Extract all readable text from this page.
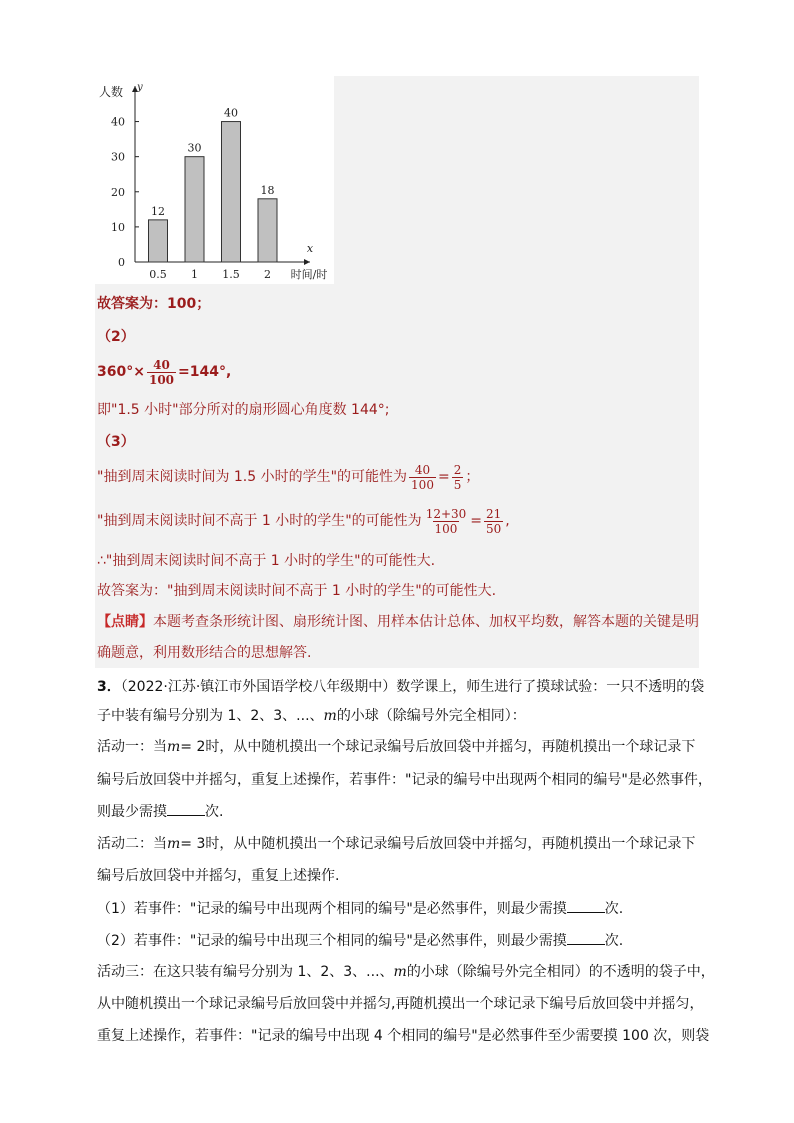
0
10
20
30
40
人数 y
x
时间/时
12
0.5
30
1
40
1.5
18
2
故答案为：100；
（2）
$360^\circ\times \frac{40}{100} =144^\circ$,
即"1.5 小时"部分所对的扇形圆心角度数 144°;
（3）
"抽到周末阅读时间为 1.5 小时的学生"的可能性为 $\frac{40}{100} = \frac{2}{5}$ ；
"抽到周末阅读时间不高于 1 小时的学生"的可能性为 $\frac{12+30}{100} = \frac{21}{50}$ ,
∴"抽到周末阅读时间不高于 1 小时的学生"的可能性大.
故答案为："抽到周末阅读时间不高于 1 小时的学生"的可能性大.
【点睛】本题考查条形统计图、扇形统计图、用样本估计总体、加权平均数，解答本题的关键是明
确题意，利用数形结合的思想解答.
3．（2022·江苏·镇江市外国语学校八年级期中）数学课上，师生进行了摸球试验：一只不透明的袋
子中装有编号分别为 1、2、3、...、m的小球（除编号外完全相同）：
活动一：当m= 2时，从中随机摸出一个球记录编号后放回袋中并摇匀，再随机摸出一个球记录下
编号后放回袋中并摇匀，重复上述操作，若事件："记录的编号中出现两个相同的编号"是必然事件，
则最少需摸	次.
活动二：当m= 3时，从中随机摸出一个球记录编号后放回袋中并摇匀，再随机摸出一个球记录下
编号后放回袋中并摇匀，重复上述操作.
（1）若事件："记录的编号中出现两个相同的编号"是必然事件，则最少需摸	次.
（2）若事件："记录的编号中出现三个相同的编号"是必然事件，则最少需摸	次.
活动三：在这只装有编号分别为 1、2、3、...、m的小球（除编号外完全相同）的不透明的袋子中，
从中随机摸出一个球记录编号后放回袋中并摇匀,再随机摸出一个球记录下编号后放回袋中并摇匀，
重复上述操作，若事件："记录的编号中出现 4 个相同的编号"是必然事件至少需要摸 100 次，则袋
